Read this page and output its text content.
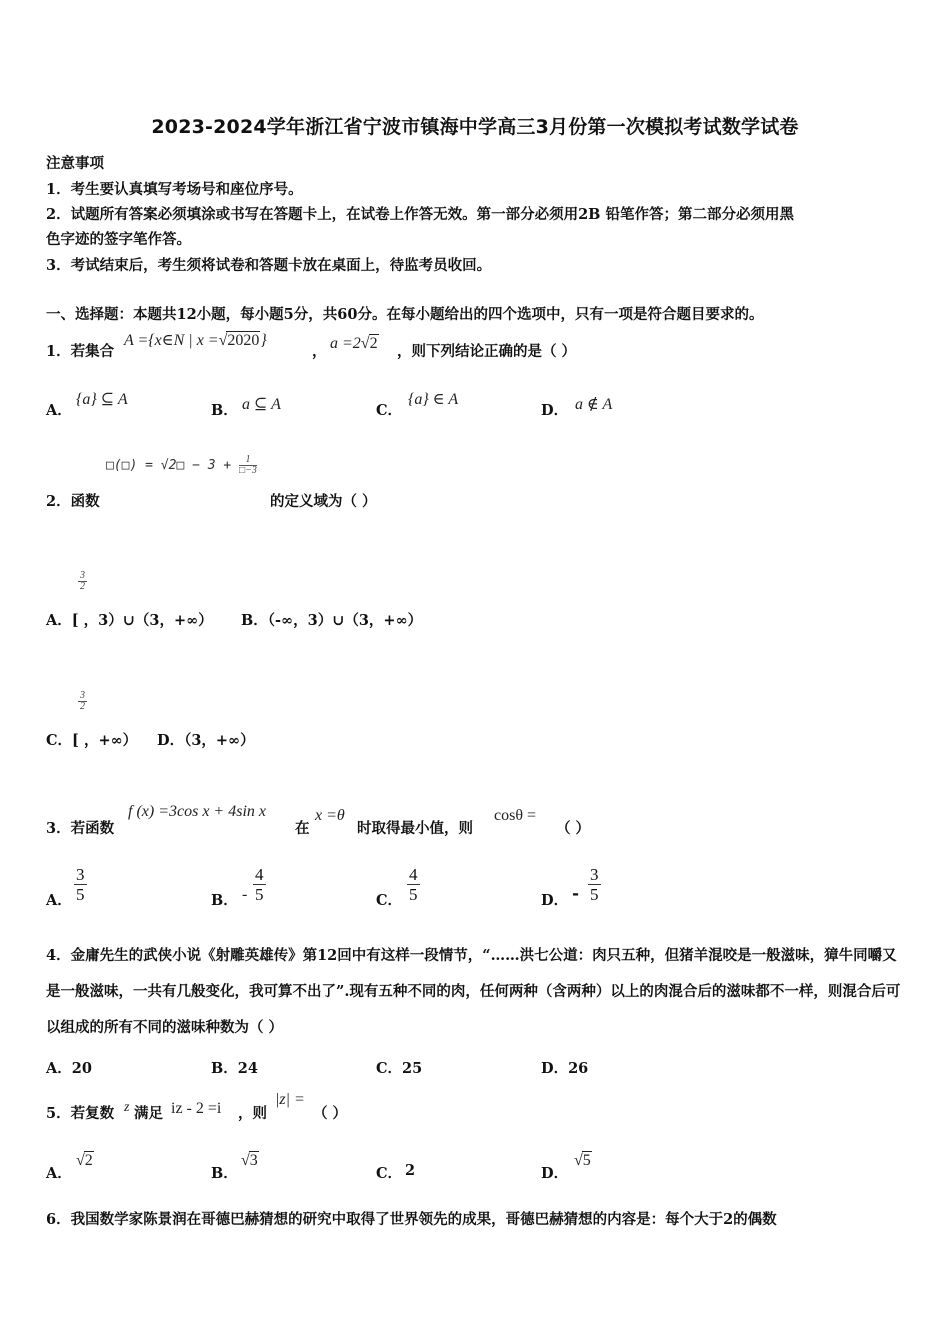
2023-2024学年浙江省宁波市镇海中学高三3月份第一次模拟考试数学试卷
注意事项
1．考生要认真填写考场号和座位序号。
2．试题所有答案必须填涂或书写在答题卡上，在试卷上作答无效。第一部分必须用2B 铅笔作答；第二部分必须用黑
色字迹的签字笔作答。
3．考试结束后，考生须将试卷和答题卡放在桌面上，待监考员收回。
一、选择题：本题共12小题，每小题5分，共60分。在每小题给出的四个选项中，只有一项是符合题目要求的。
1．若集合
A ={x∈N | x =√2020}
， a =2√2 ，则下列结论正确的是（ ）
A．
{a} ⊆ A
B． a ⊆ A	C．
{a} ∈ A
D． a ∉ A
□(□) = √2□ − $3 + \frac{1}{□-3}$
2．函数	的定义域为（ ）
$\frac{3}{2}$
A．[ ，3）∪（3，+∞） B．（-∞，3）∪（3，+∞）
$\frac{3}{2}$
C．[ ，+∞） D．（3，+∞）
3．若函数
f (x) =3cos x + 4sin x
在
x =θ
时取得最小值，则
cosθ =
（ ）
A． $\frac{3}{5}$	B． - $\frac{4}{5}$	C． $\frac{4}{5}$	D． - $\frac{3}{5}$
4．金庸先生的武侠小说《射雕英雄传》第12回中有这样一段情节，“……洪七公道：肉只五种，但猪羊混咬是一般滋味，獐牛同嚼又是一般滋味，一共有几般变化，我可算不出了”.现有五种不同的肉，任何两种（含两种）以上的肉混合后的滋味都不一样，则混合后可以组成的所有不同的滋味种数为（ ）
A．20	B．24	C．25	D．26
5．若复数 z 满足 iz - 2 =i ，则
|z| =
（ ）
A．
√2
B．
√3
C． 2	D．
√5
6．我国数学家陈景润在哥德巴赫猜想的研究中取得了世界领先的成果，哥德巴赫猜想的内容是：每个大于2的偶数
